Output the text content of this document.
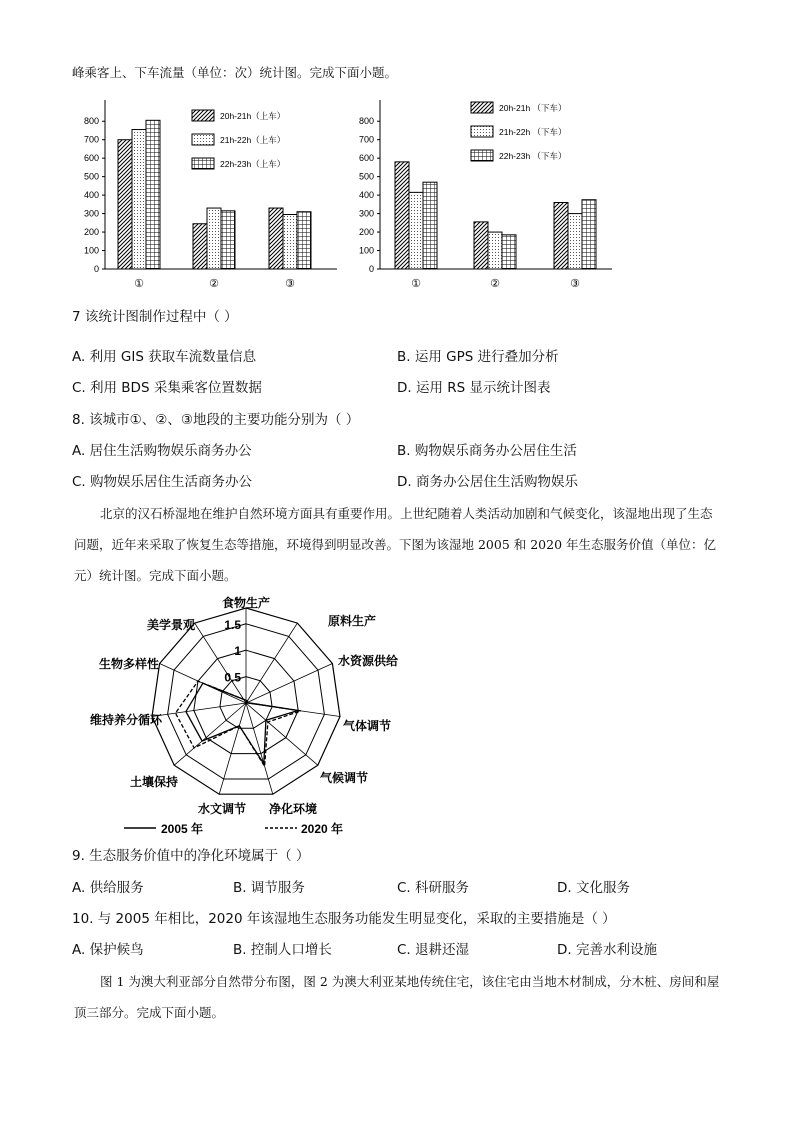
峰乘客上、下车流量（单位：次）统计图。完成下面小题。
0
100
200
300
400
500
600
700
800
①	②	③
20h-21h（上车）
21h-22h（上车）
22h-23h（上车）
0
100
200
300
400
500
600
700
800
①	②	③
20h-21h （下车）
21h-22h （下车）
22h-23h （下车）
7 该统计图制作过程中（ ）
A. 利用 GIS 获取车流数量信息	B. 运用 GPS 进行叠加分析
C. 利用 BDS 采集乘客位置数据	D. 运用 RS 显示统计图表
8. 该城市①、②、③地段的主要功能分别为（ ）
A. 居住生活购物娱乐商务办公	B. 购物娱乐商务办公居住生活
C. 购物娱乐居住生活商务办公	D. 商务办公居住生活购物娱乐
北京的汉石桥湿地在维护自然环境方面具有重要作用。上世纪随着人类活动加剧和气候变化，该湿地出现了生态问题，近年来采取了恢复生态等措施，环境得到明显改善。下图为该湿地 2005 和 2020 年生态服务价值（单位：亿元）统计图。完成下面小题。
0.5
1
1.5
食物生产
原料生产
水资源供给
气体调节
气候调节
净化环境
水文调节
土壤保持
维持养分循环
生物多样性
美学景观
2005 年	2020 年
9. 生态服务价值中的净化环境属于（ ）
A. 供给服务	B. 调节服务	C. 科研服务	D. 文化服务
10. 与 2005 年相比，2020 年该湿地生态服务功能发生明显变化，采取的主要措施是（ ）
A. 保护候鸟	B. 控制人口增长	C. 退耕还湿	D. 完善水利设施
图 1 为澳大利亚部分自然带分布图，图 2 为澳大利亚某地传统住宅，该住宅由当地木材制成，分木桩、房间和屋顶三部分。完成下面小题。
